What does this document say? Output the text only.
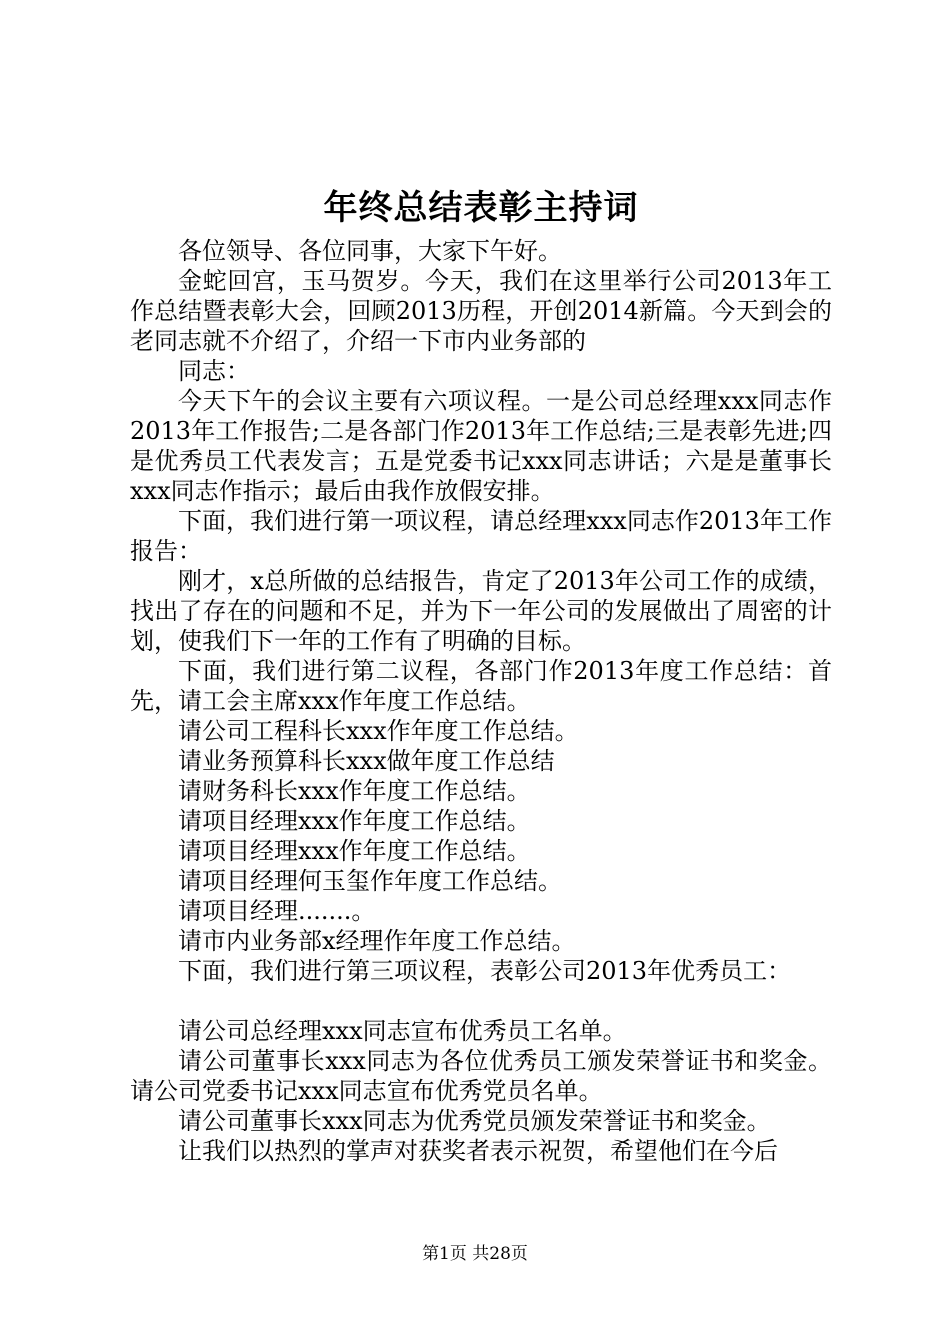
年终总结表彰主持词

各位领导、各位同事，大家下午好。

金蛇回宫，玉马贺岁。今天，我们在这里举行公司2013年工作总结暨表彰大会，回顾2013历程，开创2014新篇。今天到会的老同志就不介绍了，介绍一下市内业务部的

同志：

今天下午的会议主要有六项议程。一是公司总经理xxx同志作2013年工作报告;二是各部门作2013年工作总结;三是表彰先进;四是优秀员工代表发言；五是党委书记xxx同志讲话；六是是董事长xxx同志作指示；最后由我作放假安排。

下面，我们进行第一项议程，请总经理xxx同志作2013年工作报告：

刚才，x总所做的总结报告，肯定了2013年公司工作的成绩，找出了存在的问题和不足，并为下一年公司的发展做出了周密的计划，使我们下一年的工作有了明确的目标。

下面，我们进行第二议程，各部门作2013年度工作总结：首先，请工会主席xxx作年度工作总结。

请公司工程科长xxx作年度工作总结。

请业务预算科长xxx做年度工作总结

请财务科长xxx作年度工作总结。

请项目经理xxx作年度工作总结。

请项目经理xxx作年度工作总结。

请项目经理何玉玺作年度工作总结。

请项目经理.......。

请市内业务部x经理作年度工作总结。

下面，我们进行第三项议程，表彰公司2013年优秀员工：

请公司总经理xxx同志宣布优秀员工名单。

请公司董事长xxx同志为各位优秀员工颁发荣誉证书和奖金。请公司党委书记xxx同志宣布优秀党员名单。

请公司董事长xxx同志为优秀党员颁发荣誉证书和奖金。

让我们以热烈的掌声对获奖者表示祝贺，希望他们在今后

第1页 共28页
